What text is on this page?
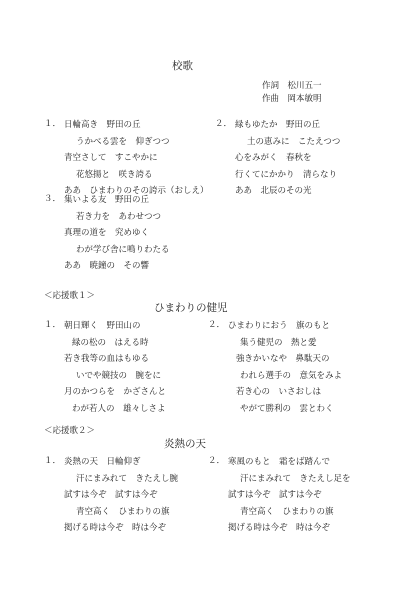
校歌
作詞　松川五一
作曲　岡本敏明
１． 日輪高き　野田の丘
うかべる雲を　仰ぎつつ
青空さして　すこやかに
花悠揚と　咲き誇る
ああ　ひまわりのその誇示（おしえ）
２． 緑もゆたか　野田の丘
土の恵みに　こたえつつ
心をみがく　春秋を
行くてにかかり　清らなり
ああ　北辰のその光
３． 集いよる友　野田の丘
若き力を　あわせつつ
真理の道を　究めゆく
わが学び舎に鳴りわたる
ああ　暁鐘の　その響
＜応援歌１＞
ひまわりの健児
１． 朝日輝く　野田山の
緑の松の　はえる時
若き我等の血はもゆる
いでや競技の　腕をに
月のかつらを　かざさんと
わが若人の　雄々しさよ
２． ひまわりにおう　旗のもと
集う健児の　熱と愛
強きかいなや　鼻駄天の
われら選手の　意気をみよ
若き心の　いさおしは
やがて勝利の　雲とわく
＜応援歌２＞
炎熱の天
１． 炎熱の天　日輪仰ぎ
汗にまみれて　きたえし腕
試すは今ぞ　試すは今ぞ
青空高く　ひまわりの旗
掲げる時は今ぞ　時は今ぞ
２． 寒風のもと　霜をば踏んで
汗にまみれて　きたえし足を
試すは今ぞ　試すは今ぞ
青空高く　ひまわりの旗
掲げる時は今ぞ　時は今ぞ
